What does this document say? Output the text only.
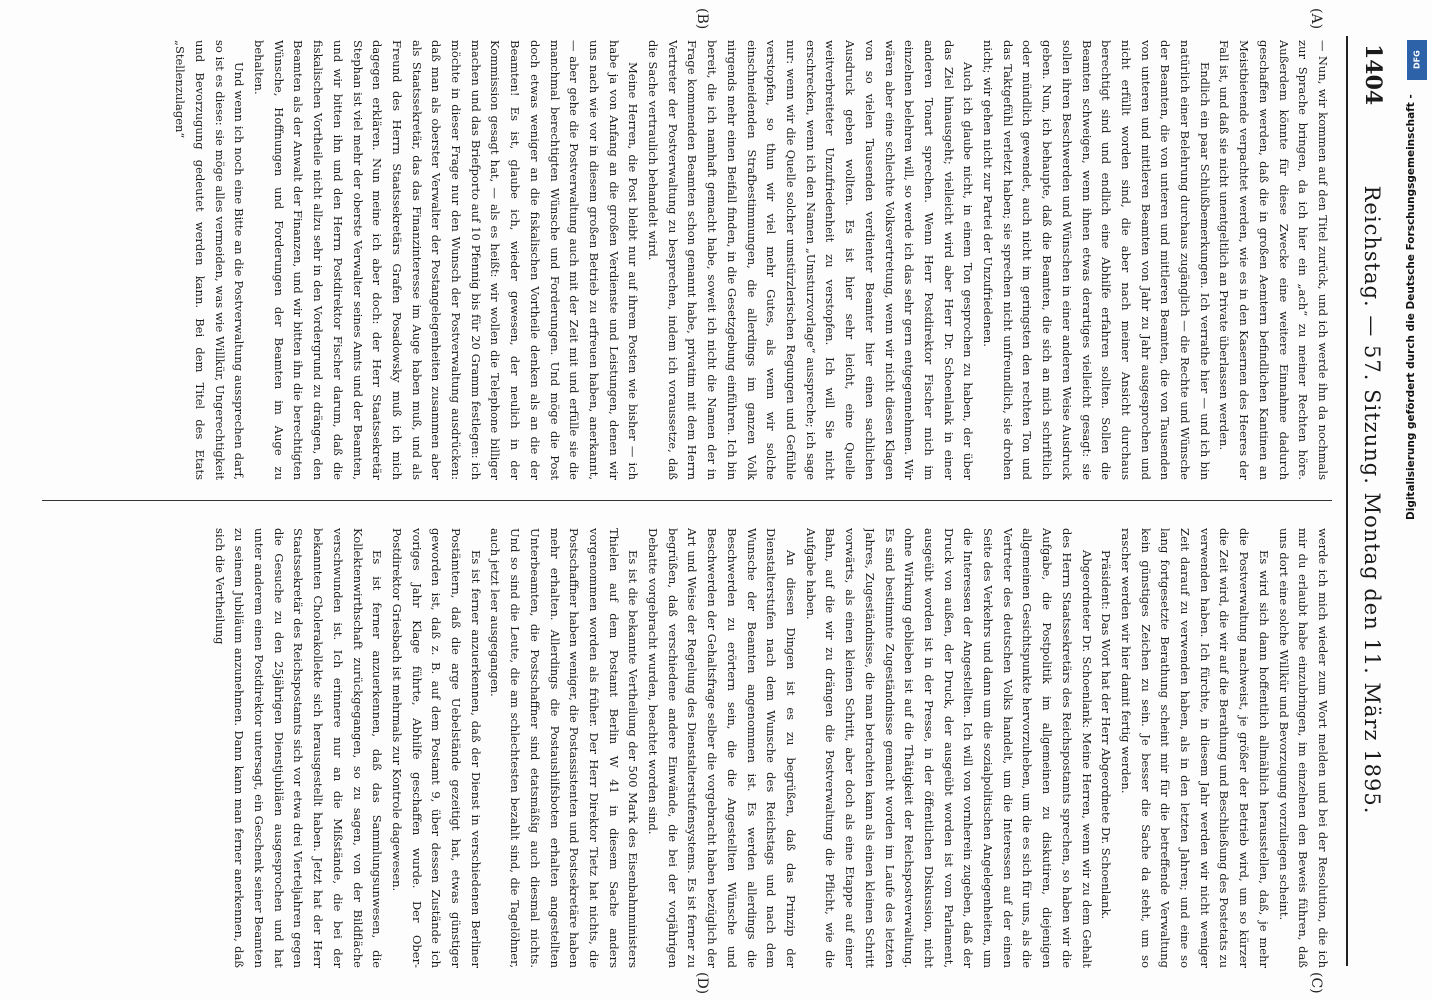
1404
Reichstag. — 57. Sitzung. Montag den 11. März 1895.
(A)
(B)
(C)
(D)

— Nun, wir kommen auf den Titel zurück, und ich werde ihn da nochmals zur Sprache bringen, da ich hier ein „ach“ zu meiner Rechten höre. Außerdem könnte für diese Zwecke eine weitere Einnahme dadurch geschaffen werden, daß die in großen Aemtern befindlichen Kantinen an Meistbietende verpachtet werden, wie es in den Kasernen des Heeres der Fall ist, und daß sie nicht unentgeltlich an Private überlassen werden.

Endlich ein paar Schlußbemerkungen. Ich verrathe hier — und ich bin natürlich einer Belehrung durchaus zugänglich — die Rechte und Wünsche der Beamten, die von unteren und mittleren Beamten, die von Tausenden von unteren und mittleren Beamten von Jahr zu Jahr ausgesprochen und nicht erfüllt worden sind, die aber nach meiner Ansicht durchaus berechtigt sind und endlich eine Abhilfe erfahren sollten. Sollen die Beamten schweigen, wenn ihnen etwas derartiges vielleicht gesagt: sie sollen ihren Beschwerden und Wünschen in einer anderen Weise Ausdruck geben. Nun, ich behaupte, daß die Beamten, die sich an mich schriftlich oder mündlich gewendet, auch nicht im geringsten den rechten Ton und das Taktgefühl verletzt haben; sie sprechen nicht unfreundlich, sie drohen nicht; wir gehen nicht zur Partei der Unzufriedenen.

Auch ich glaube nicht, in einem Ton gesprochen zu haben, der über das Ziel hinausgeht; vielleicht wird aber Herr Dr. Schoenlank in einer anderen Tonart sprechen. Wenn Herr Postdirektor Fischer mich im einzelnen belehren will, so werde ich das sehr gern entgegennehmen. Wir wären aber eine schlechte Volksvertretung, wenn wir nicht diesen Klagen von so vielen Tausenden verdienter Beamter hier einen sachlichen Ausdruck geben wollten. Es ist hier sehr leicht, eine Quelle weitverbreiteter Unzufriedenheit zu verstopfen. Ich will Sie nicht erschrecken, wenn ich den Namen „Umsturzvorlage“ ausspreche; ich sage nur: wenn wir die Quelle solcher umstürzlerischen Regungen und Gefühle verstopfen, so thun wir viel mehr Gutes, als wenn wir solche einschneidenden Strafbestimmungen, die allerdings im ganzen Volk nirgends mehr einen Beifall finden, in die Gesetzgebung einführen. Ich bin bereit, die ich namhaft gemacht habe, soweit ich nicht die Namen der in Frage kommenden Beamten schon genannt habe, privatim mit dem Herrn Vertreter der Postverwaltung zu besprechen, indem ich voraussetze, daß die Sache vertraulich behandelt wird.

Meine Herren, die Post bleibt nur auf ihrem Posten wie bisher — ich habe ja von Anfang an die großen Verdienste und Leistungen, denen wir uns nach wie vor in diesem großen Betrieb zu erfreuen haben, anerkannt, — aber gehe die Postverwaltung auch mit der Zeit mit und erfülle sie die manchmal berechtigten Wünsche und Forderungen. Und möge die Post doch etwas weniger an die fiskalischen Vortheile denken als an die der Beamten! Es ist, glaube ich, wieder gewesen, der neulich in der Kommission gesagt hat, — als es heißt: wir wollen die Telephone billiger machen und das Briefporto auf 10 Pfennig bis für 20 Gramm festlegen: ich möchte in dieser Frage nur den Wunsch der Postverwaltung ausdrücken: daß man als oberster Verwalter der Postangelegenheiten zusammen aber als Staatssekretär, das das Finanzinteresse im Auge haben muß, und als Freund des Herrn Staatssekretärs Grafen Posadowsky muß ich mich dagegen erklären. Nun meine ich aber doch: der Herr Staatssekretär Stephan ist viel mehr der oberste Verwalter seines Amts und der Beamten, und wir bitten ihn und den Herrn Postdirektor Fischer darum, daß die fiskalischen Vortheile nicht allzu sehr in den Vordergrund zu drängen, den Beamten als der Anwalt der Finanzen, und wir bitten ihn die berechtigten Wünsche, Hoffnungen und Forderungen der Beamten im Auge zu behalten.

Und wenn ich noch eine Bitte an die Postverwaltung aussprechen darf, so ist es diese: sie möge alles vermeiden, was wie Willkür, Ungerechtigkeit und Bevorzugung gedeutet werden kann. Bei dem Titel des Etats „Stellenzulagen“

werde ich mich wieder zum Wort melden und bei der Resolution, die ich mir du erlaubt habe einzubringen, im einzelnen den Beweis führen, daß uns dort eine solche Willkür und Bevorzugung vorzuliegen scheint.

Es wird sich dann hoffentlich allmählich herausstellen, daß, je mehr die Postverwaltung nachweist, je größer der Betrieb wird, um so kürzer die Zeit wird, die wir auf die Berathung und Beschließung des Postetats zu verwenden haben. Ich fürchte, in diesem Jahr werden wir nicht weniger Zeit darauf zu verwenden haben, als in den letzten Jahren; und eine so lang fortgesetzte Berathung scheint mir für die betreffende Verwaltung kein günstiges Zeichen zu sein. Je besser die Sache da steht, um so rascher werden wir hier damit fertig werden.

Präsident: Das Wort hat der Herr Abgeordnete Dr. Schoenlank.

Abgeordneter Dr. Schoenlank: Meine Herren, wenn wir zu dem Gehalt des Herrn Staatssekretärs des Reichspostamts sprechen, so haben wir die Aufgabe, die Postpolitik im allgemeinen zu diskutiren, diejenigen allgemeinen Gesichtspunkte hervorzuheben, um die es sich für uns, als die Vertreter des deutschen Volks handelt, um die Interessen auf der einen Seite des Verkehrs und dann um die sozialpolitischen Angelegenheiten, um die Interessen der Angestellten. Ich will von vornherein zugeben, daß der Druck von außen, der Druck, der ausgeübt worden ist vom Parlament, ausgeübt worden ist in der Presse, in der öffentlichen Diskussion, nicht ohne Wirkung geblieben ist auf die Thätigkeit der Reichspostverwaltung. Es sind bestimmte Zugeständnisse gemacht worden im Laufe des letzten Jahres, Zugeständnisse, die man betrachten kann als einen kleinen Schritt vorwärts, als einen kleinen Schritt, aber doch als eine Etappe auf einer Bahn, auf die wir zu drängen die Postverwaltung die Pflicht, wie die Aufgabe haben.

An diesen Dingen ist es zu begrüßen, daß das Prinzip der Dienstalterstufen nach dem Wunsche des Reichstags und nach dem Wunsche der Beamten angenommen ist. Es werden allerdings die Beschwerden zu erörtern sein, die die Angestellten Wünsche und Beschwerden der Gehaltsfrage selber die vorgebracht haben bezüglich der Art und Weise der Regelung des Dienstalterstufensystems. Es ist ferner zu begrüßen, daß verschiedene andere Einwände, die bei der vorjährigen Debatte vorgebracht wurden, beachtet worden sind.

Es ist die bekannte Vertheilung der 500 Mark des Eisenbahnministers Thielen auf dem Postamt Berlin W 41 in diesem Sache anders vorgenommen worden als früher. Der Herr Direktor Tietz hat nichts, die Postschaffner haben weniger, die Postassistenten und Postsekretäre haben mehr erhalten. Allerdings die Postaushilfsboten erhalten angestellten Unterbeamten, die Postschaffner sind etatsmäßig auch diesmal nichts. Und so sind die Leute, die am schlechtesten bezahlt sind, die Tagelöhner, auch jetzt leer ausgegangen.

Es ist ferner anzuerkennen, daß der Dienst in verschiedenen Berliner Postämtern, daß die arge Uebelstände gezeitigt hat, etwas günstiger geworden ist, daß z. B. auf dem Postamt 9, über dessen Zustände ich voriges Jahr Klage führte, Abhilfe geschaffen wurde. Der Ober-Postdirektor Griesbach ist mehrmals zur Kontrole dagewesen.

Es ist ferner anzuerkennen, daß das Sammlungsunwesen, die Kollektenwirthschaft zurückgegangen, so zu sagen, von der Bildfläche verschwunden ist. Ich erinnere nur an die Mißstände, die bei der bekannten Cholerakollekte sich herausgestellt haben. Jetzt hat der Herr Staatssekretär des Reichspostamts sich vor etwa drei Vierteljahren gegen die Gesuche zu den 25jährigen Dienstjubiläen ausgesprochen und hat unter anderem einen Postdirektor untersagt, ein Geschenk seiner Beamten zu seinem Jubiläum anzunehmen. Dann kann man ferner anerkennen, daß sich die Vertheilung

Digitalisierung gefördert durch die Deutsche Forschungsgemeinschaft -
DFG
